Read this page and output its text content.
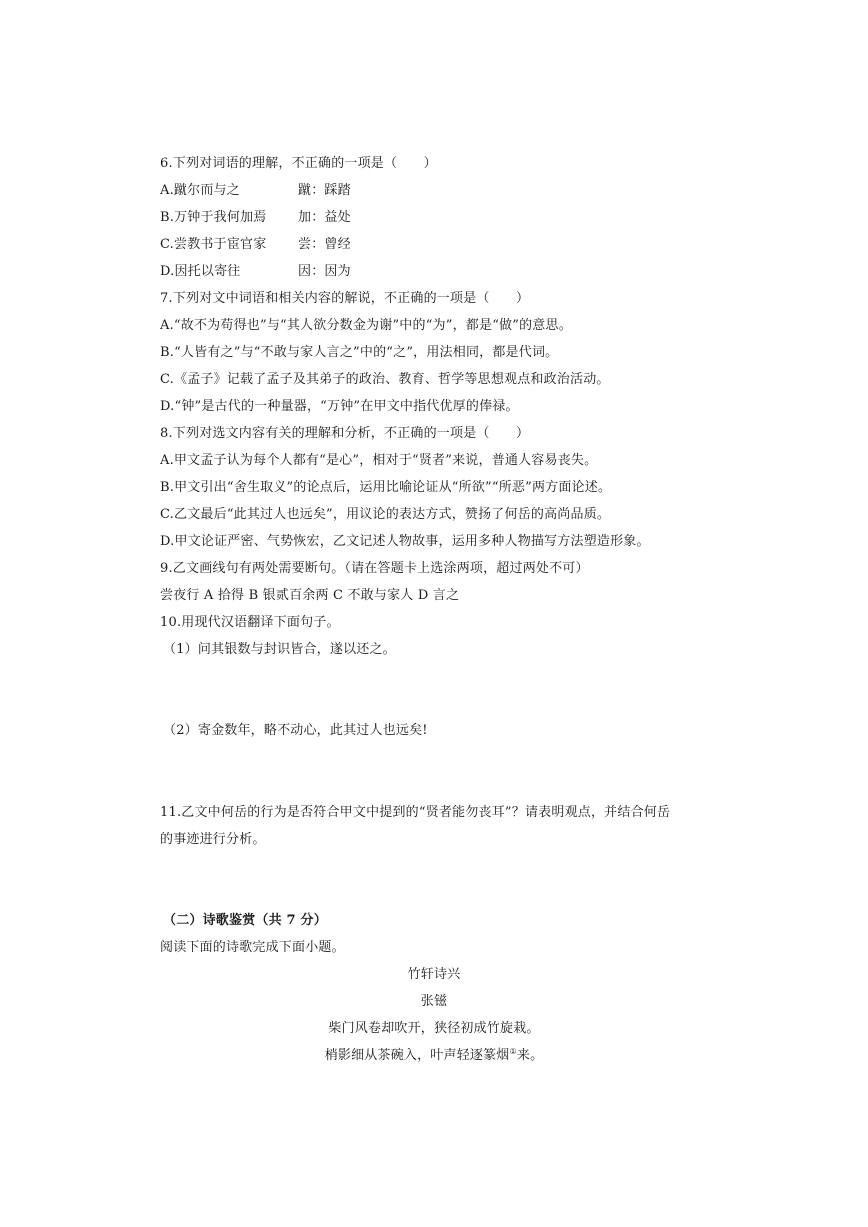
6.下列对词语的理解，不正确的一项是（　　）
A.蹴尔而与之	蹴：踩踏
B.万钟于我何加焉 加：益处
C.尝教书于宦官家 尝：曾经
D.因托以寄往	因：因为
7.下列对文中词语和相关内容的解说，不正确的一项是（　　）
A.“故不为苟得也”与“其人欲分数金为谢”中的“为”，都是“做”的意思。
B.“人皆有之”与“不敢与家人言之”中的“之”，用法相同，都是代词。
C.《孟子》记载了孟子及其弟子的政治、教育、哲学等思想观点和政治活动。
D.“钟”是古代的一种量器，“万钟”在甲文中指代优厚的俸禄。
8.下列对选文内容有关的理解和分析，不正确的一项是（　　）
A.甲文孟子认为每个人都有“是心”，相对于“贤者”来说，普通人容易丧失。
B.甲文引出“舍生取义”的论点后，运用比喻论证从“所欲”“所恶”两方面论述。
C.乙文最后“此其过人也远矣”，用议论的表达方式，赞扬了何岳的高尚品质。
D.甲文论证严密、气势恢宏，乙文记述人物故事，运用多种人物描写方法塑造形象。
9.乙文画线句有两处需要断句。（请在答题卡上选涂两项，超过两处不可）
尝夜行 A 拾得 B 银贰百余两 C 不敢与家人 D 言之
10.用现代汉语翻译下面句子。
（1）问其银数与封识皆合，遂以还之。
（2）寄金数年，略不动心，此其过人也远矣!
11.乙文中何岳的行为是否符合甲文中提到的“贤者能勿丧耳”？请表明观点，并结合何岳
的事迹进行分析。
（二）诗歌鉴赏（共 7 分）
阅读下面的诗歌完成下面小题。
竹轩诗兴
张镃
柴门风卷却吹开，狭径初成竹旋栽。
梢影细从茶碗入，叶声轻逐篆烟①来。
